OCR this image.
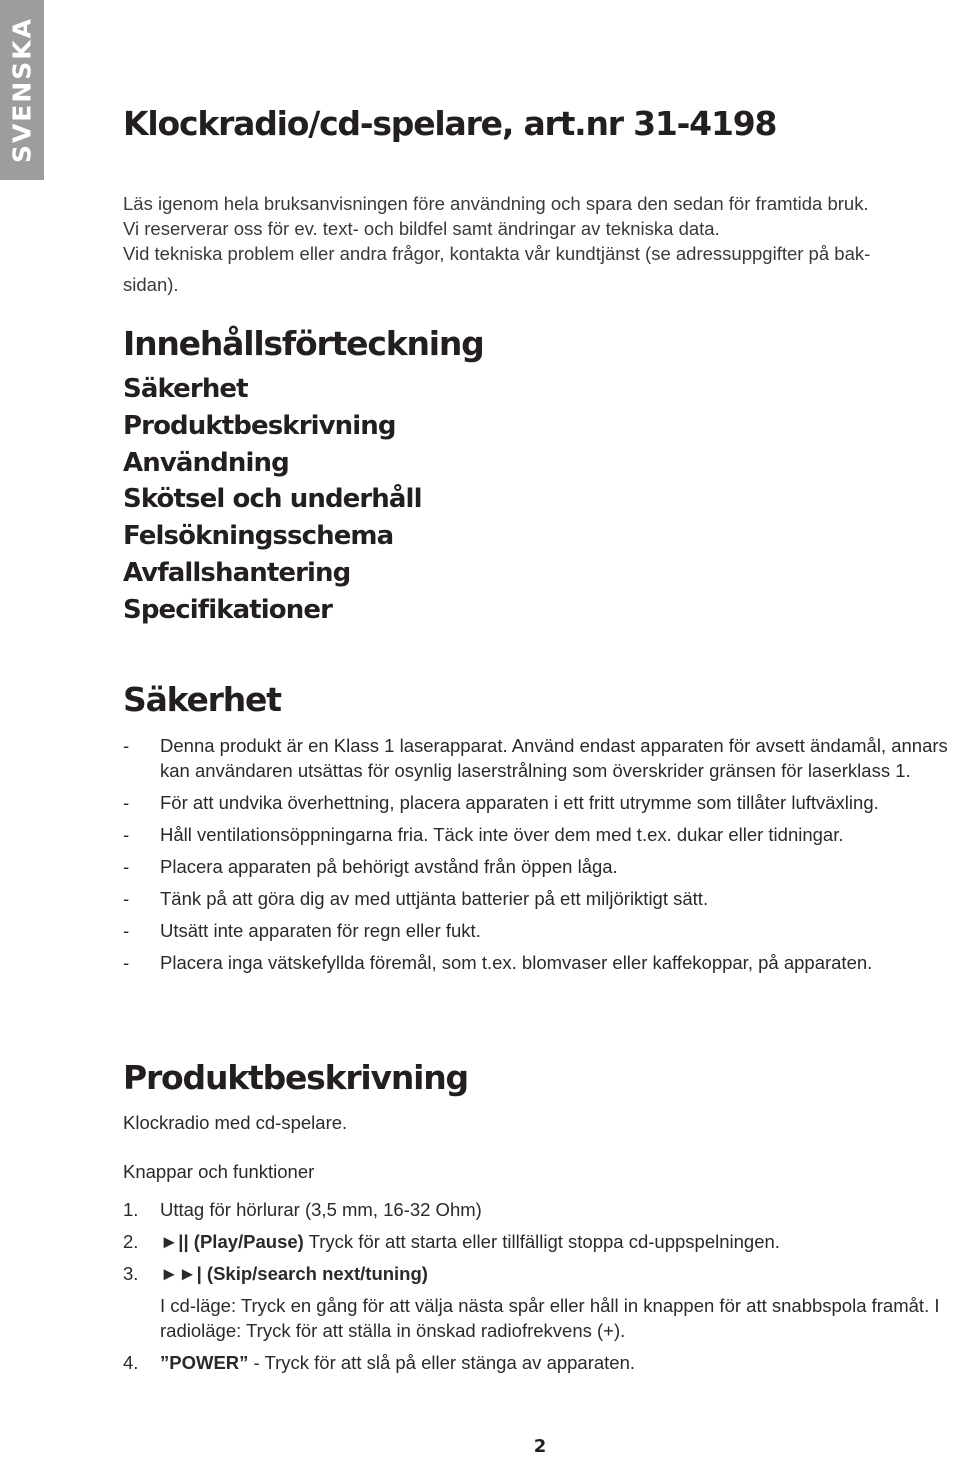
SVENSKA	Klockradio/cd-spelare, art.nr 31-4198
Läs igenom hela bruksanvisningen före användning och spara den sedan för framtida bruk.
Vi reserverar oss för ev. text- och bildfel samt ändringar av tekniska data.
Vid tekniska problem eller andra frågor, kontakta vår kundtjänst (se adressuppgifter på bak-
sidan).
Innehållsförteckning
Säkerhet
Produktbeskrivning
Användning
Skötsel och underhåll
Felsökningsschema
Avfallshantering
Specifikationer
Säkerhet
- Denna produkt är en Klass 1 laserapparat. Använd endast apparaten för avsett ändamål, annars kan användaren utsättas för osynlig laserstrålning som överskrider gränsen för laserklass 1.
- För att undvika överhettning, placera apparaten i ett fritt utrymme som tillåter luftväxling.
- Håll ventilationsöppningarna fria. Täck inte över dem med t.ex. dukar eller tidningar.
- Placera apparaten på behörigt avstånd från öppen låga.
- Tänk på att göra dig av med uttjänta batterier på ett miljöriktigt sätt.
- Utsätt inte apparaten för regn eller fukt.
- Placera inga vätskefyllda föremål, som t.ex. blomvaser eller kaffekoppar, på apparaten.
Produktbeskrivning
Klockradio med cd-spelare.
Knappar och funktioner
1. Uttag för hörlurar (3,5 mm, 16-32 Ohm)
2. ►|| (Play/Pause) Tryck för att starta eller tillfälligt stoppa cd-uppspelningen.
3. ►►| (Skip/search next/tuning)
I cd-läge: Tryck en gång för att välja nästa spår eller håll in knappen för att snabbspola framåt. I radioläge: Tryck för att ställa in önskad radiofrekvens (+).
4. ”POWER” - Tryck för att slå på eller stänga av apparaten.
2
